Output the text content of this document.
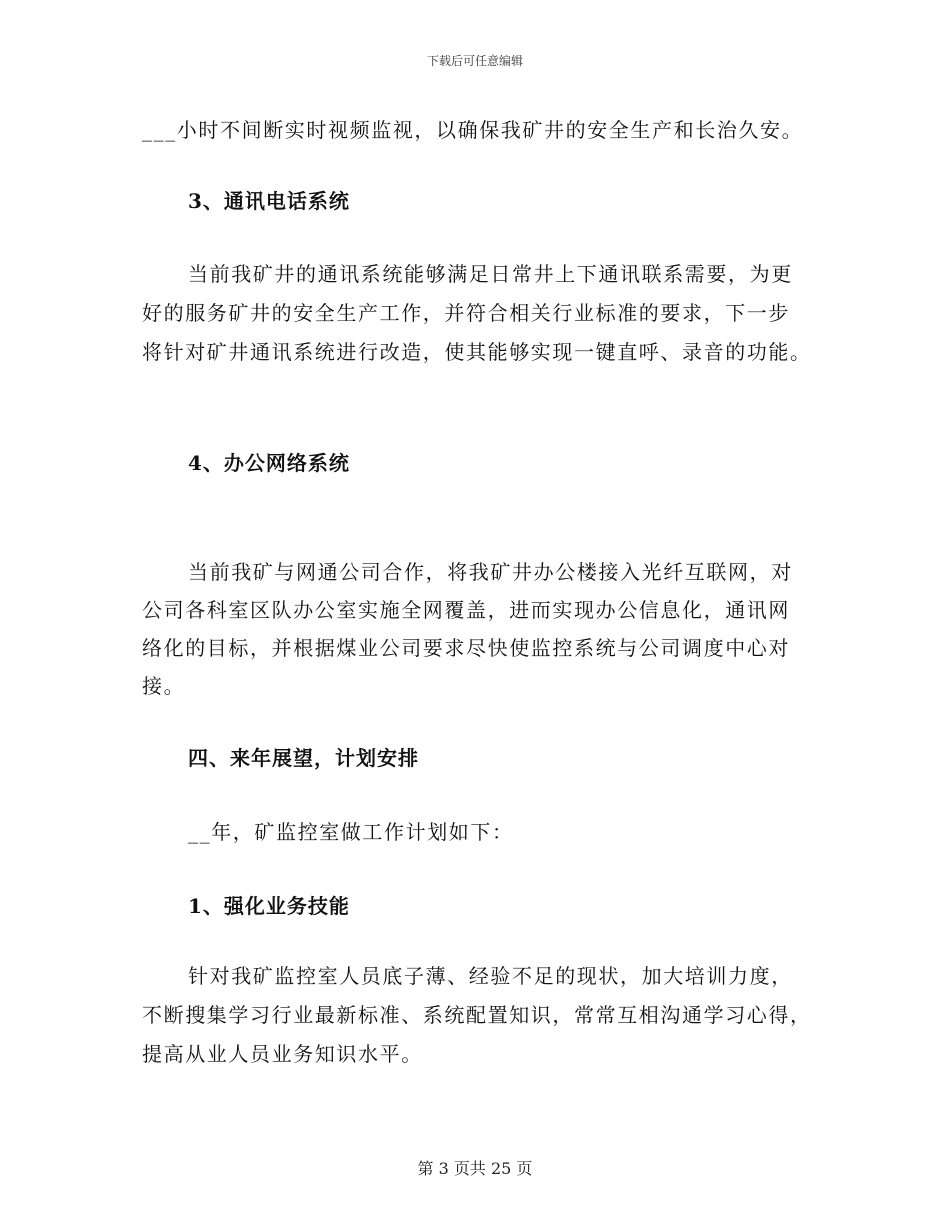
下载后可任意编辑
___小时不间断实时视频监视，以确保我矿井的安全生产和长治久安。
3、通讯电话系统
当前我矿井的通讯系统能够满足日常井上下通讯联系需要，为更
好的服务矿井的安全生产工作，并符合相关行业标准的要求，下一步
将针对矿井通讯系统进行改造，使其能够实现一键直呼、录音的功能。
4、办公网络系统
当前我矿与网通公司合作，将我矿井办公楼接入光纤互联网，对
公司各科室区队办公室实施全网覆盖，进而实现办公信息化，通讯网
络化的目标，并根据煤业公司要求尽快使监控系统与公司调度中心对
接。
四、来年展望，计划安排
__年，矿监控室做工作计划如下：
1、强化业务技能
针对我矿监控室人员底子薄、经验不足的现状，加大培训力度，
不断搜集学习行业最新标准、系统配置知识，常常互相沟通学习心得，
提高从业人员业务知识水平。
第 3 页共 25 页
